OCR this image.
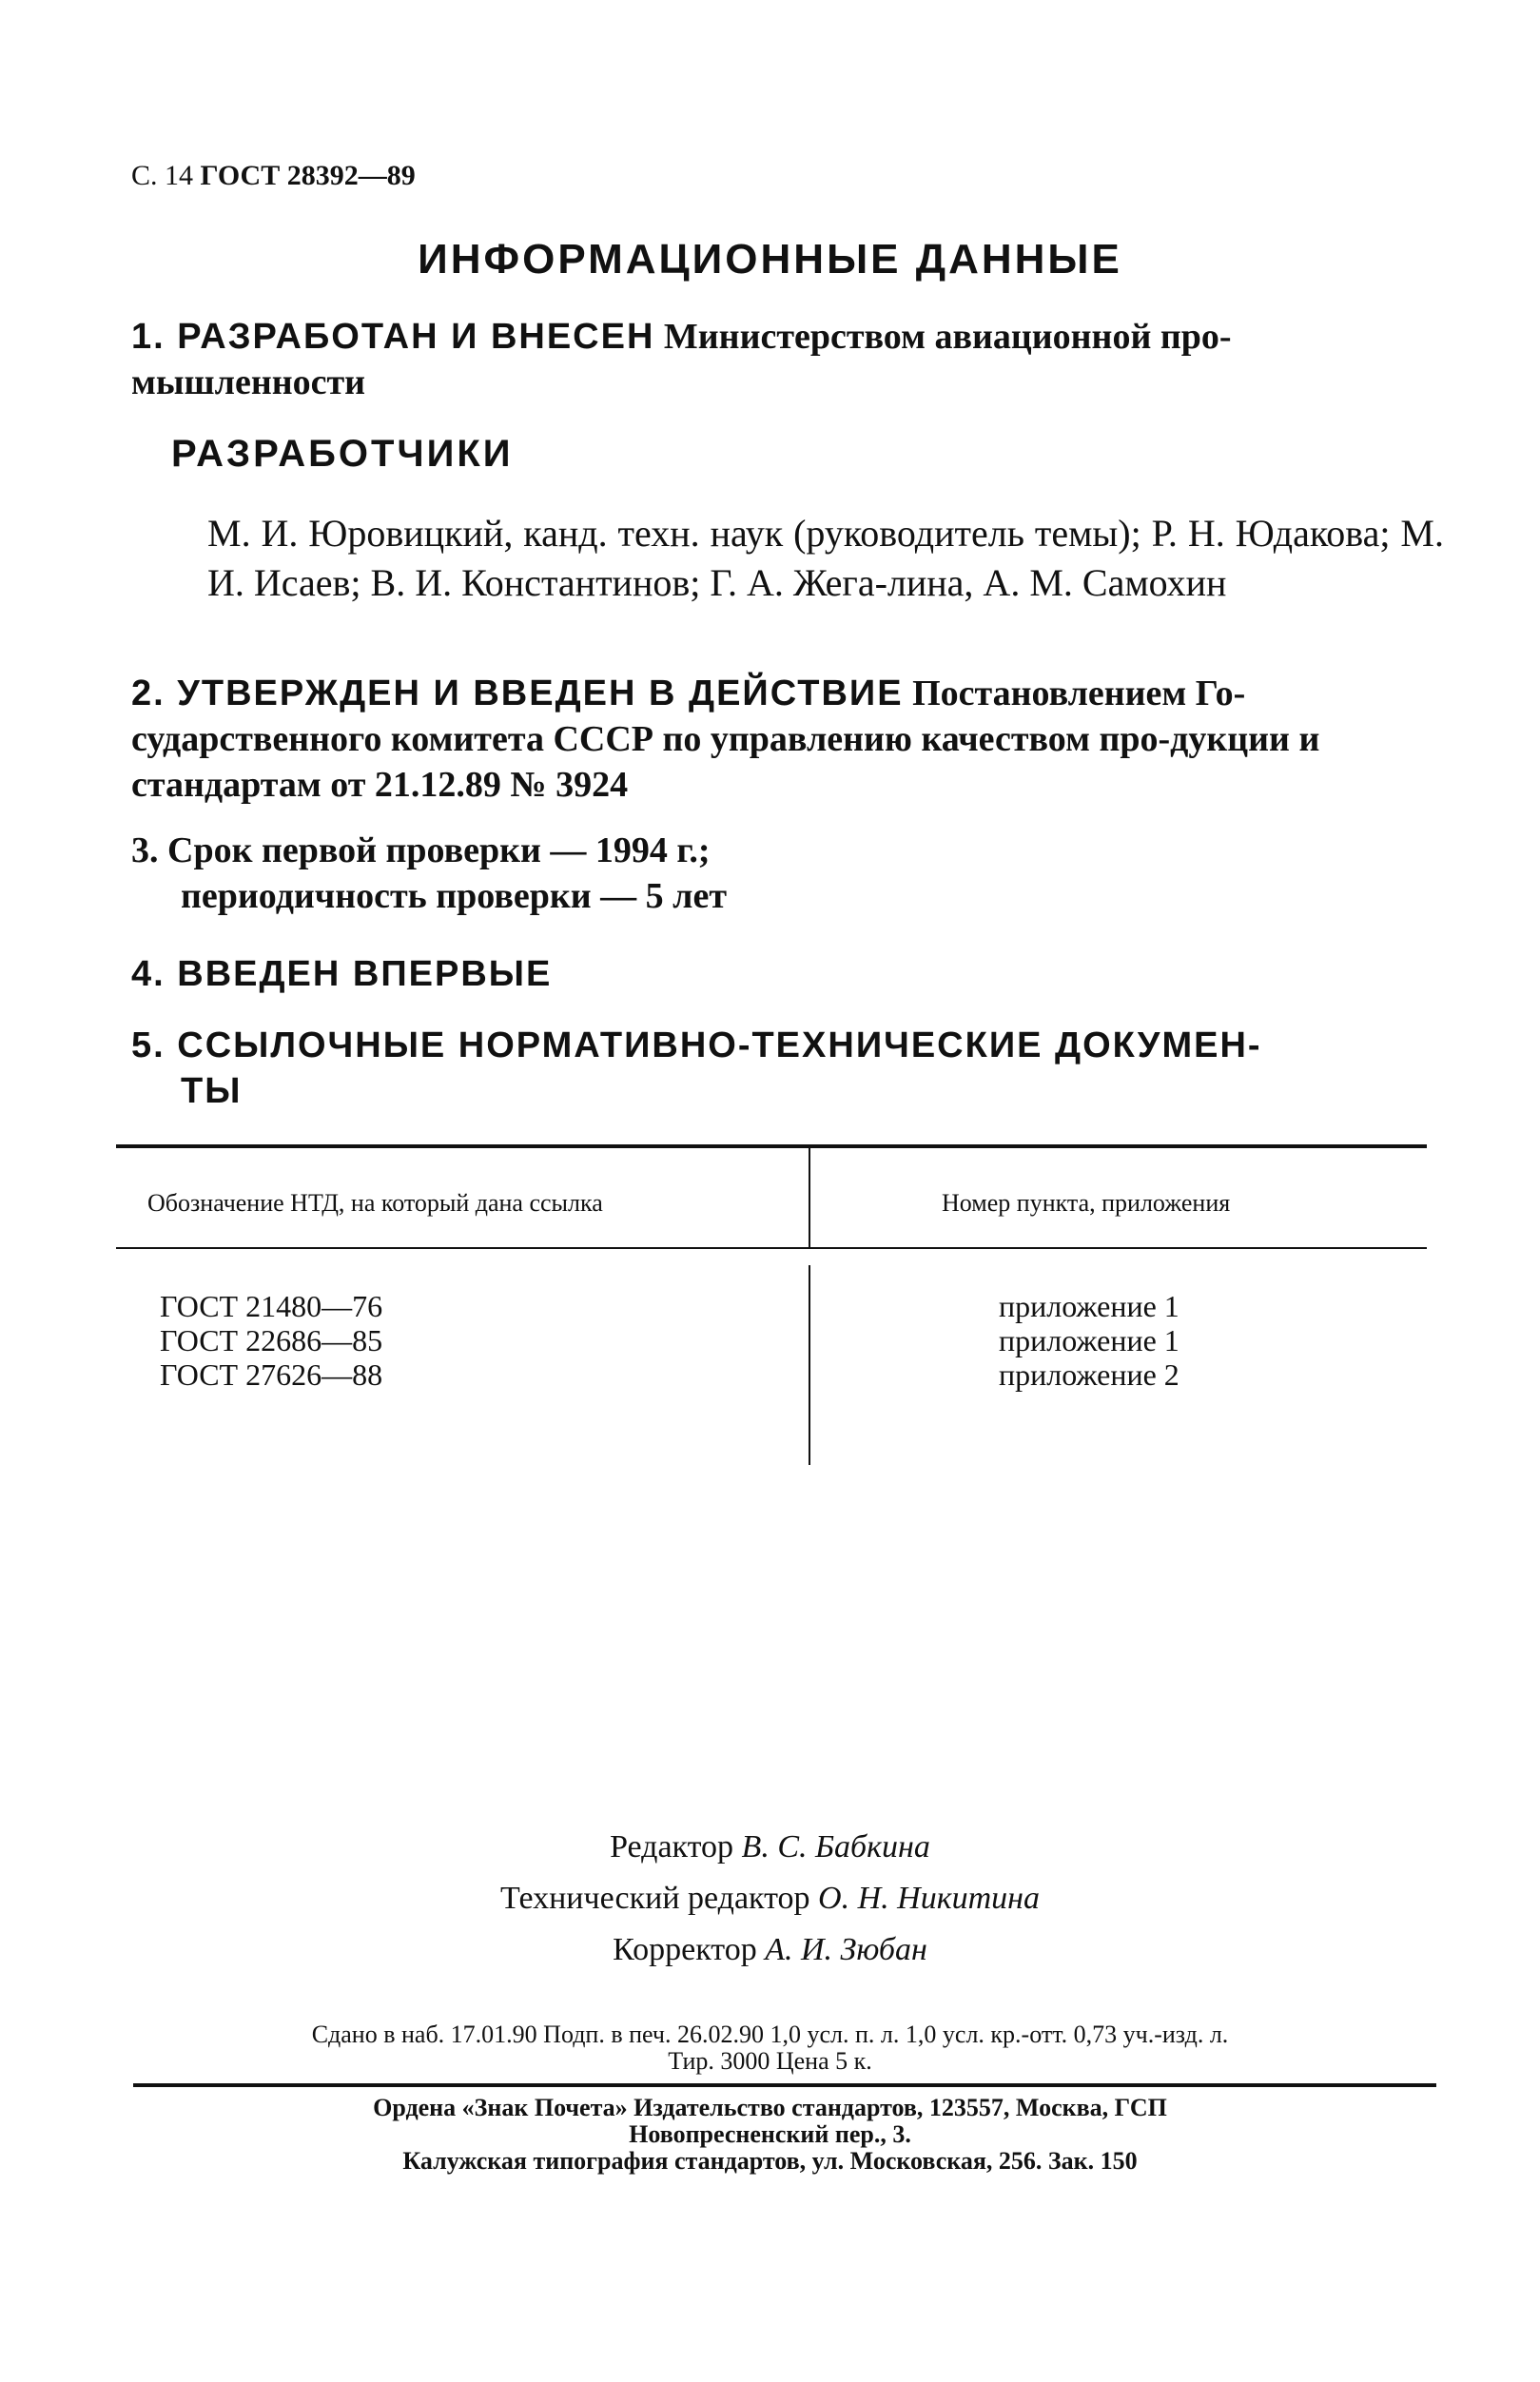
С. 14 ГОСТ 28392—89
ИНФОРМАЦИОННЫЕ ДАННЫЕ
1. РАЗРАБОТАН И ВНЕСЕН Министерством авиационной про-мышленности
РАЗРАБОТЧИКИ
М. И. Юровицкий, канд. техн. наук (руководитель темы); Р. Н. Юдакова; М. И. Исаев; В. И. Константинов; Г. А. Жега-лина, А. М. Самохин
2. УТВЕРЖДЕН И ВВЕДЕН В ДЕЙСТВИЕ Постановлением Го-сударственного комитета СССР по управлению качеством про-дукции и стандартам от 21.12.89 № 3924
3. Срок первой проверки — 1994 г.;
периодичность проверки — 5 лет
4. ВВЕДЕН ВПЕРВЫЕ
5. ССЫЛОЧНЫЕ НОРМАТИВНО-ТЕХНИЧЕСКИЕ ДОКУМЕН-
ТЫ
Обозначение НТД, на который дана ссылка	Номер пункта, приложения
ГОСТ 21480—76	приложение 1
ГОСТ 22686—85	приложение 1
ГОСТ 27626—88	приложение 2
Редактор В. С. Бабкина
Технический редактор О. Н. Никитина
Корректор А. И. Зюбан
Сдано в наб. 17.01.90 Подп. в печ. 26.02.90 1,0 усл. п. л. 1,0 усл. кр.-отт. 0,73 уч.-изд. л.
Тир. 3000 Цена 5 к.
Ордена «Знак Почета» Издательство стандартов, 123557, Москва, ГСП
Новопресненский пер., 3.
Калужская типография стандартов, ул. Московская, 256. Зак. 150
